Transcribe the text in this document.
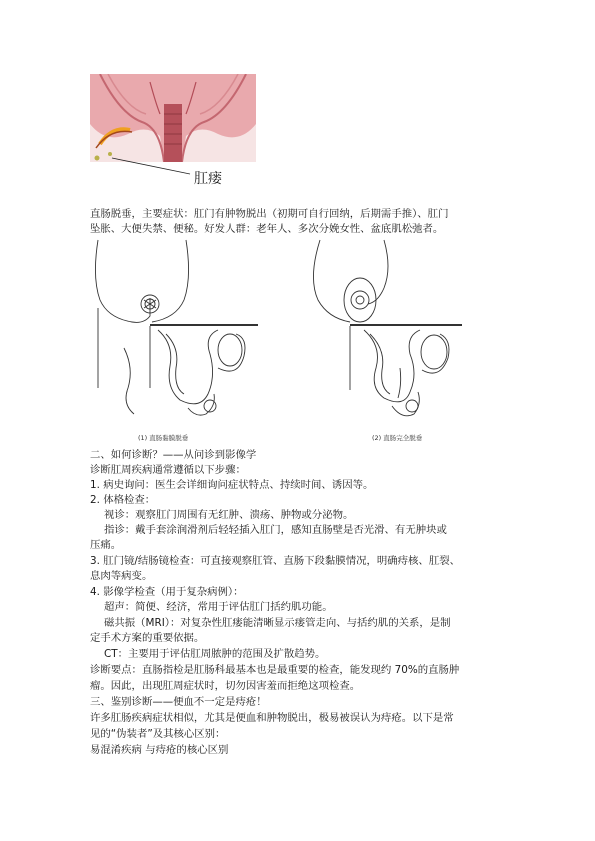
肛瘘
直肠脱垂，主要症状：肛门有肿物脱出（初期可自行回纳，后期需手推）、肛门
坠胀、大便失禁、便秘。好发人群：老年人、多次分娩女性、盆底肌松弛者。
(1) 直肠黏膜脱垂	(2) 直肠完全脱垂
二、如何诊断？——从问诊到影像学
诊断肛周疾病通常遵循以下步骤：
1. 病史询问：医生会详细询问症状特点、持续时间、诱因等。
2. 体格检查：
视诊：观察肛门周围有无红肿、溃疡、肿物或分泌物。
指诊：戴手套涂润滑剂后轻轻插入肛门，感知直肠壁是否光滑、有无肿块或
压痛。
3. 肛门镜/结肠镜检查：可直接观察肛管、直肠下段黏膜情况，明确痔核、肛裂、
息肉等病变。
4. 影像学检查（用于复杂病例）：
超声：简便、经济，常用于评估肛门括约肌功能。
磁共振（MRI）：对复杂性肛瘘能清晰显示瘘管走向、与括约肌的关系，是制
定手术方案的重要依据。
CT：主要用于评估肛周脓肿的范围及扩散趋势。
诊断要点：直肠指检是肛肠科最基本也是最重要的检查，能发现约 70%的直肠肿
瘤。因此，出现肛周症状时，切勿因害羞而拒绝这项检查。
三、鉴别诊断——便血不一定是痔疮！
许多肛肠疾病症状相似，尤其是便血和肿物脱出，极易被误认为痔疮。以下是常
见的“伪装者”及其核心区别：
易混淆疾病 与痔疮的核心区别
